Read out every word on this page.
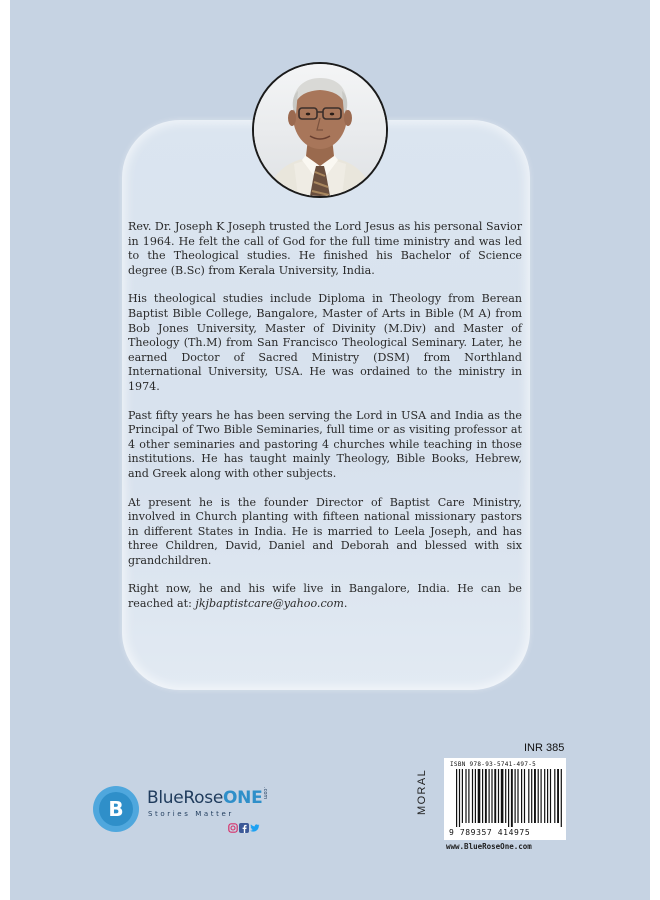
Rev. Dr. Joseph K Joseph trusted the Lord Jesus as his personal Savior in 1964. He felt the call of God for the full time ministry and was led to the Theological studies. He finished his Bachelor of Science degree (B.Sc) from Kerala University, India.

His theological studies include Diploma in Theology from Berean Baptist Bible College, Bangalore, Master of Arts in Bible (M A) from Bob Jones University, Master of Divinity (M.Div) and Master of Theology (Th.M) from San Francisco Theological Seminary. Later, he earned Doctor of Sacred Ministry (DSM) from Northland International University, USA. He was ordained to the ministry in 1974.

Past fifty years he has been serving the Lord in USA and India as the Principal of Two Bible Seminaries, full time or as visiting professor at 4 other seminaries and pastoring 4 churches while teaching in those institutions. He has taught mainly Theology, Bible Books, Hebrew, and Greek along with other subjects.

At present he is the founder Director of Baptist Care Ministry, involved in Church planting with fifteen national missionary pastors in different States in India. He is married to Leela Joseph, and has three Children, David, Daniel and Deborah and blessed with six grandchildren.

Right now, he and his wife live in Bangalore, India. He can be reached at: jkjbaptistcare@yahoo.com.

B BlueRoseONE .com
Stories Matter
INR 385
MORAL
ISBN 978-93-5741-497-5
9 789357 414975
www.BlueRoseOne.com
